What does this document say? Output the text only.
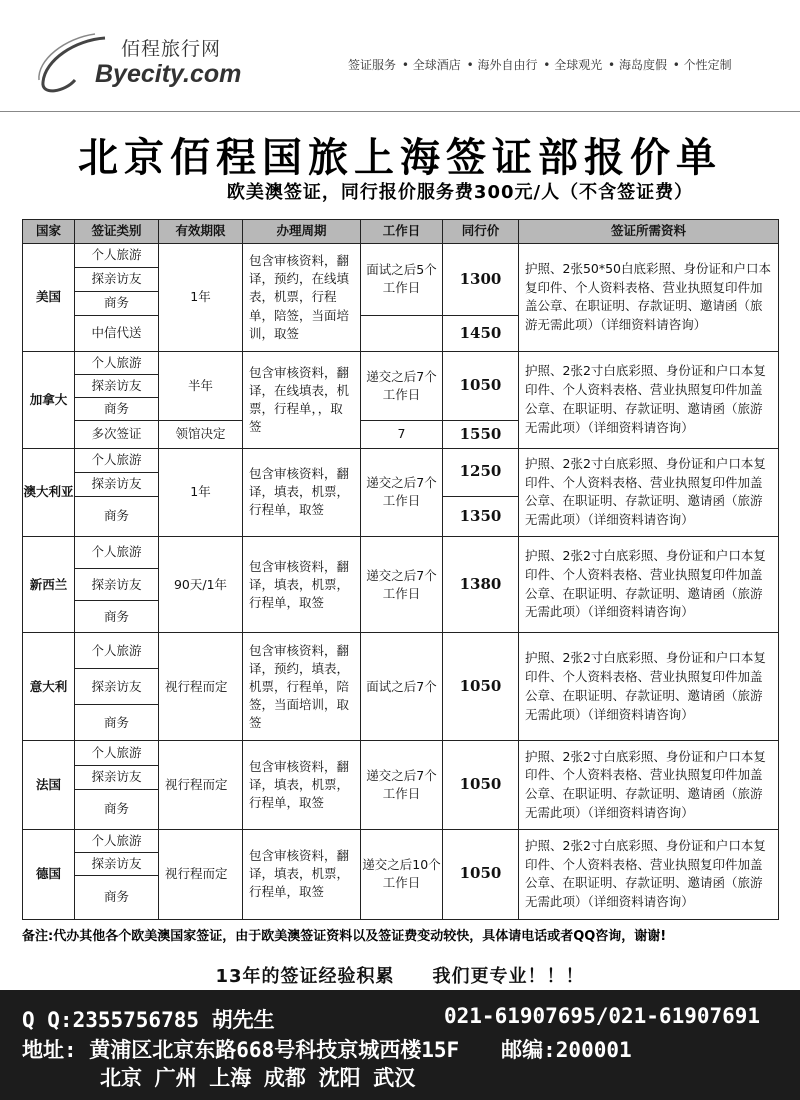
佰程旅行网
Byecity.com	签证服务 • 全球酒店 • 海外自由行 • 全球观光 • 海岛度假 • 个性定制
北京佰程国旅上海签证部报价单
欧美澳签证，同行报价服务费300元/人（不含签证费）
国家	签证类别	有效期限	办理周期	工作日	同行价	签证所需资料
美国	个人旅游	1年	包含审核资料，翻译，预约，在线填表，机票，行程单，陪签，当面培训，取签	面试之后5个工作日	1300	护照、2张50*50白底彩照、身份证和户口本复印件、个人资料表格、营业执照复印件加盖公章、在职证明、存款证明、邀请函（旅游无需此项）（详细资料请咨询）
	探亲访友					
	商务					
	中信代送				1450	
加拿大	个人旅游	半年	包含审核资料，翻译，在线填表，机票，行程单，，取签	递交之后7个工作日	1050	护照、2张2寸白底彩照、身份证和户口本复印件、个人资料表格、营业执照复印件加盖公章、在职证明、存款证明、邀请函（旅游无需此项）（详细资料请咨询）
	探亲访友					
	商务					
	多次签证	领馆决定		7	1550	
澳大利亚	个人旅游	1年	包含审核资料，翻译，填表，机票，行程单，取签	递交之后7个工作日	1250	护照、2张2寸白底彩照、身份证和户口本复印件、个人资料表格、营业执照复印件加盖公章、在职证明、存款证明、邀请函（旅游无需此项）（详细资料请咨询）
	探亲访友					
	商务				1350	
新西兰	个人旅游	90天/1年	包含审核资料，翻译，填表，机票，行程单，取签	递交之后7个工作日	1380	护照、2张2寸白底彩照、身份证和户口本复印件、个人资料表格、营业执照复印件加盖公章、在职证明、存款证明、邀请函（旅游无需此项）（详细资料请咨询）
	探亲访友					
	商务					
意大利	个人旅游	视行程而定	包含审核资料，翻译，预约，填表，机票，行程单，陪签，当面培训，取签	面试之后7个	1050	护照、2张2寸白底彩照、身份证和户口本复印件、个人资料表格、营业执照复印件加盖公章、在职证明、存款证明、邀请函（旅游无需此项）（详细资料请咨询）
	探亲访友					
	商务					
法国	个人旅游	视行程而定	包含审核资料，翻译，填表，机票，行程单，取签	递交之后7个工作日	1050	护照、2张2寸白底彩照、身份证和户口本复印件、个人资料表格、营业执照复印件加盖公章、在职证明、存款证明、邀请函（旅游无需此项）（详细资料请咨询）
	探亲访友					
	商务					
德国	个人旅游	视行程而定	包含审核资料，翻译，填表，机票，行程单，取签	递交之后10个工作日	1050	护照、2张2寸白底彩照、身份证和户口本复印件、个人资料表格、营业执照复印件加盖公章、在职证明、存款证明、邀请函（旅游无需此项）（详细资料请咨询）
	探亲访友					
	商务					
备注:代办其他各个欧美澳国家签证，由于欧美澳签证资料以及签证费变动较快，具体请电话或者QQ咨询，谢谢!
13年的签证经验积累　　我们更专业！！！
Q Q:2355756785 胡先生	021-61907695/021-61907691
地址: 黄浦区北京东路668号科技京城西楼15F　　邮编:200001
北京 广州 上海 成都 沈阳 武汉
